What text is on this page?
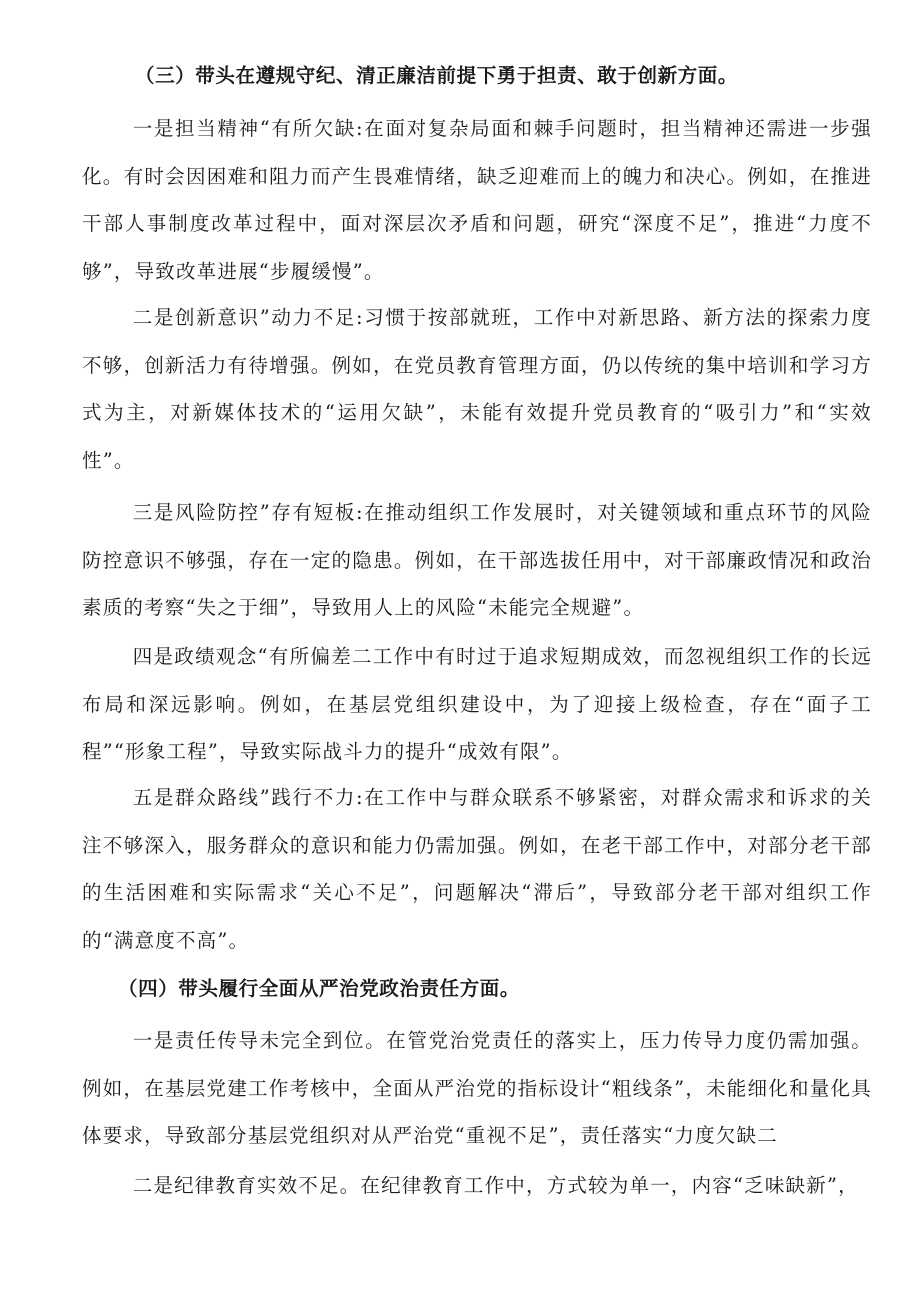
（三）带头在遵规守纪、清正廉洁前提下勇于担责、敢于创新方面。
一是担当精神“有所欠缺:在面对复杂局面和棘手问题时，担当精神还需进一步强化。有时会因困难和阻力而产生畏难情绪，缺乏迎难而上的魄力和决心。例如，在推进干部人事制度改革过程中，面对深层次矛盾和问题，研究“深度不足”，推进“力度不够”，导致改革进展“步履缓慢”。
二是创新意识”动力不足:习惯于按部就班，工作中对新思路、新方法的探索力度不够，创新活力有待增强。例如，在党员教育管理方面，仍以传统的集中培训和学习方式为主，对新媒体技术的“运用欠缺”，未能有效提升党员教育的“吸引力”和“实效性”。
三是风险防控”存有短板:在推动组织工作发展时，对关键领域和重点环节的风险防控意识不够强，存在一定的隐患。例如，在干部选拔任用中，对干部廉政情况和政治素质的考察“失之于细”，导致用人上的风险“未能完全规避”。
四是政绩观念“有所偏差二工作中有时过于追求短期成效，而忽视组织工作的长远布局和深远影响。例如，在基层党组织建设中，为了迎接上级检查，存在“面子工程”“形象工程”，导致实际战斗力的提升“成效有限”。
五是群众路线”践行不力:在工作中与群众联系不够紧密，对群众需求和诉求的关注不够深入，服务群众的意识和能力仍需加强。例如，在老干部工作中，对部分老干部的生活困难和实际需求“关心不足”，问题解决“滞后”，导致部分老干部对组织工作的“满意度不高”。
（四）带头履行全面从严治党政治责任方面。
一是责任传导未完全到位。在管党治党责任的落实上，压力传导力度仍需加强。例如，在基层党建工作考核中，全面从严治党的指标设计“粗线条”，未能细化和量化具体要求，导致部分基层党组织对从严治党“重视不足”，责任落实“力度欠缺二
二是纪律教育实效不足。在纪律教育工作中，方式较为单一，内容“乏味缺新”，
